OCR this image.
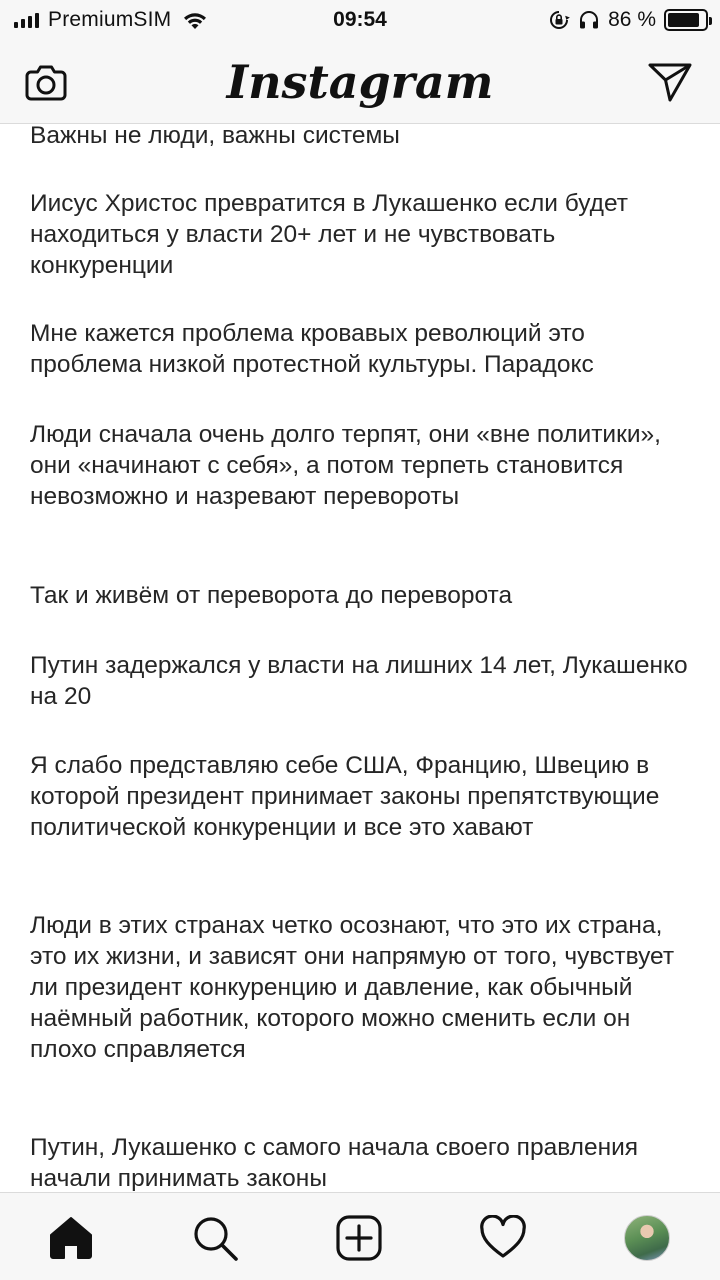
PremiumSIM	09:54	86 %
Instagram

Важны не люди, важны системы

Иисус Христос превратится в Лукашенко если будет находиться у власти 20+ лет и не чувствовать конкуренции

Мне кажется проблема кровавых революций это проблема низкой протестной культуры. Парадокс

Люди сначала очень долго терпят, они «вне политики», они «начинают с себя», а потом терпеть становится невозможно и назревают перевороты

Так и живём от переворота до переворота

Путин задержался у власти на лишних 14 лет, Лукашенко на 20

Я слабо представляю себе США, Францию, Швецию в которой президент принимает законы препятствующие политической конкуренции и все это хавают

Люди в этих странах четко осознают, что это их страна, это их жизни, и зависят они напрямую от того, чувствует ли президент конкуренцию и давление, как обычный наёмный работник, которого можно сменить если он плохо справляется

Путин, Лукашенко с самого начала своего правления начали принимать законы
